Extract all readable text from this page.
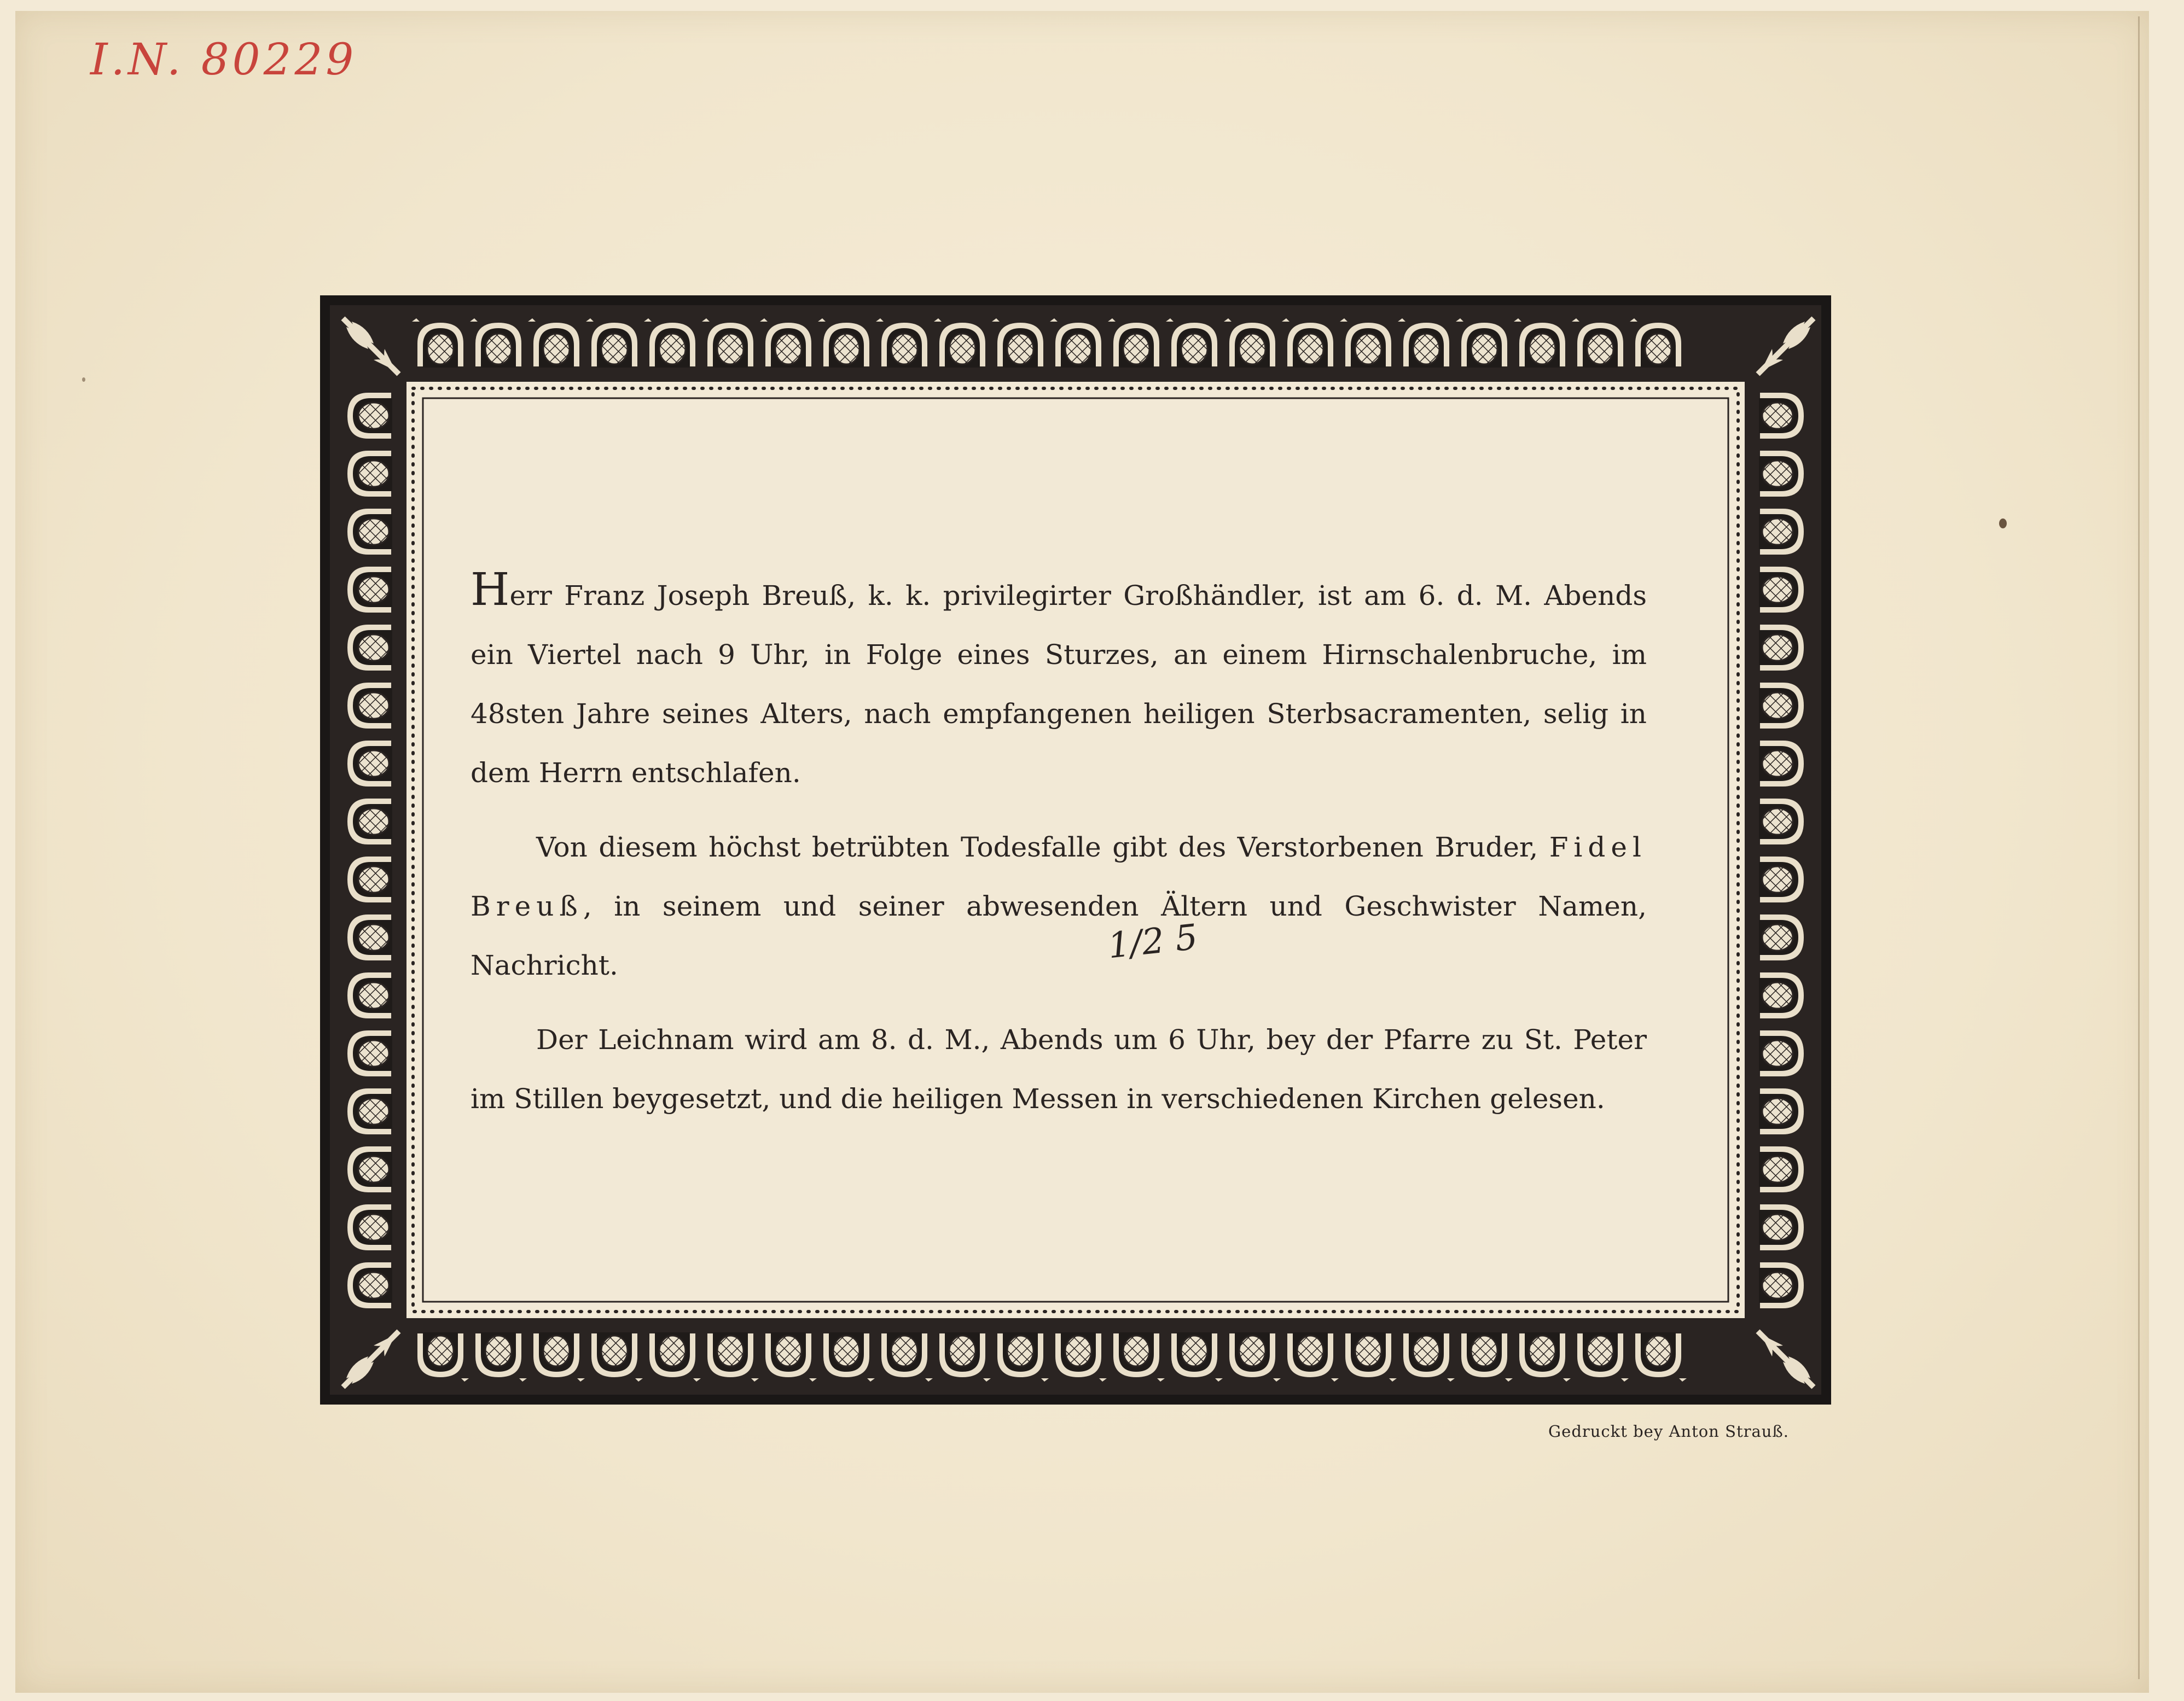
I.N. 80229

Herr Franz Joseph Breuß, k. k. privilegirter Großhändler, ist am 6. d. M. Abends ein Viertel nach 9 Uhr, in Folge eines Sturzes, an einem Hirnschalenbruche, im 48sten Jahre seines Alters, nach empfangenen heiligen Sterbsacramenten, selig in dem Herrn entschlafen.

Von diesem höchst betrübten Todesfalle gibt des Verstorbenen Bruder, Fidel Breuß, in seinem und seiner abwesenden Ältern und Geschwister Namen, Nachricht.

Der Leichnam wird am 8. d. M., Abends um 6 Uhr, bey der Pfarre zu St. Peter im Stillen beygesetzt, und die heiligen Messen in verschiedenen Kirchen gelesen.

1/2 5
Gedruckt bey Anton Strauß.
